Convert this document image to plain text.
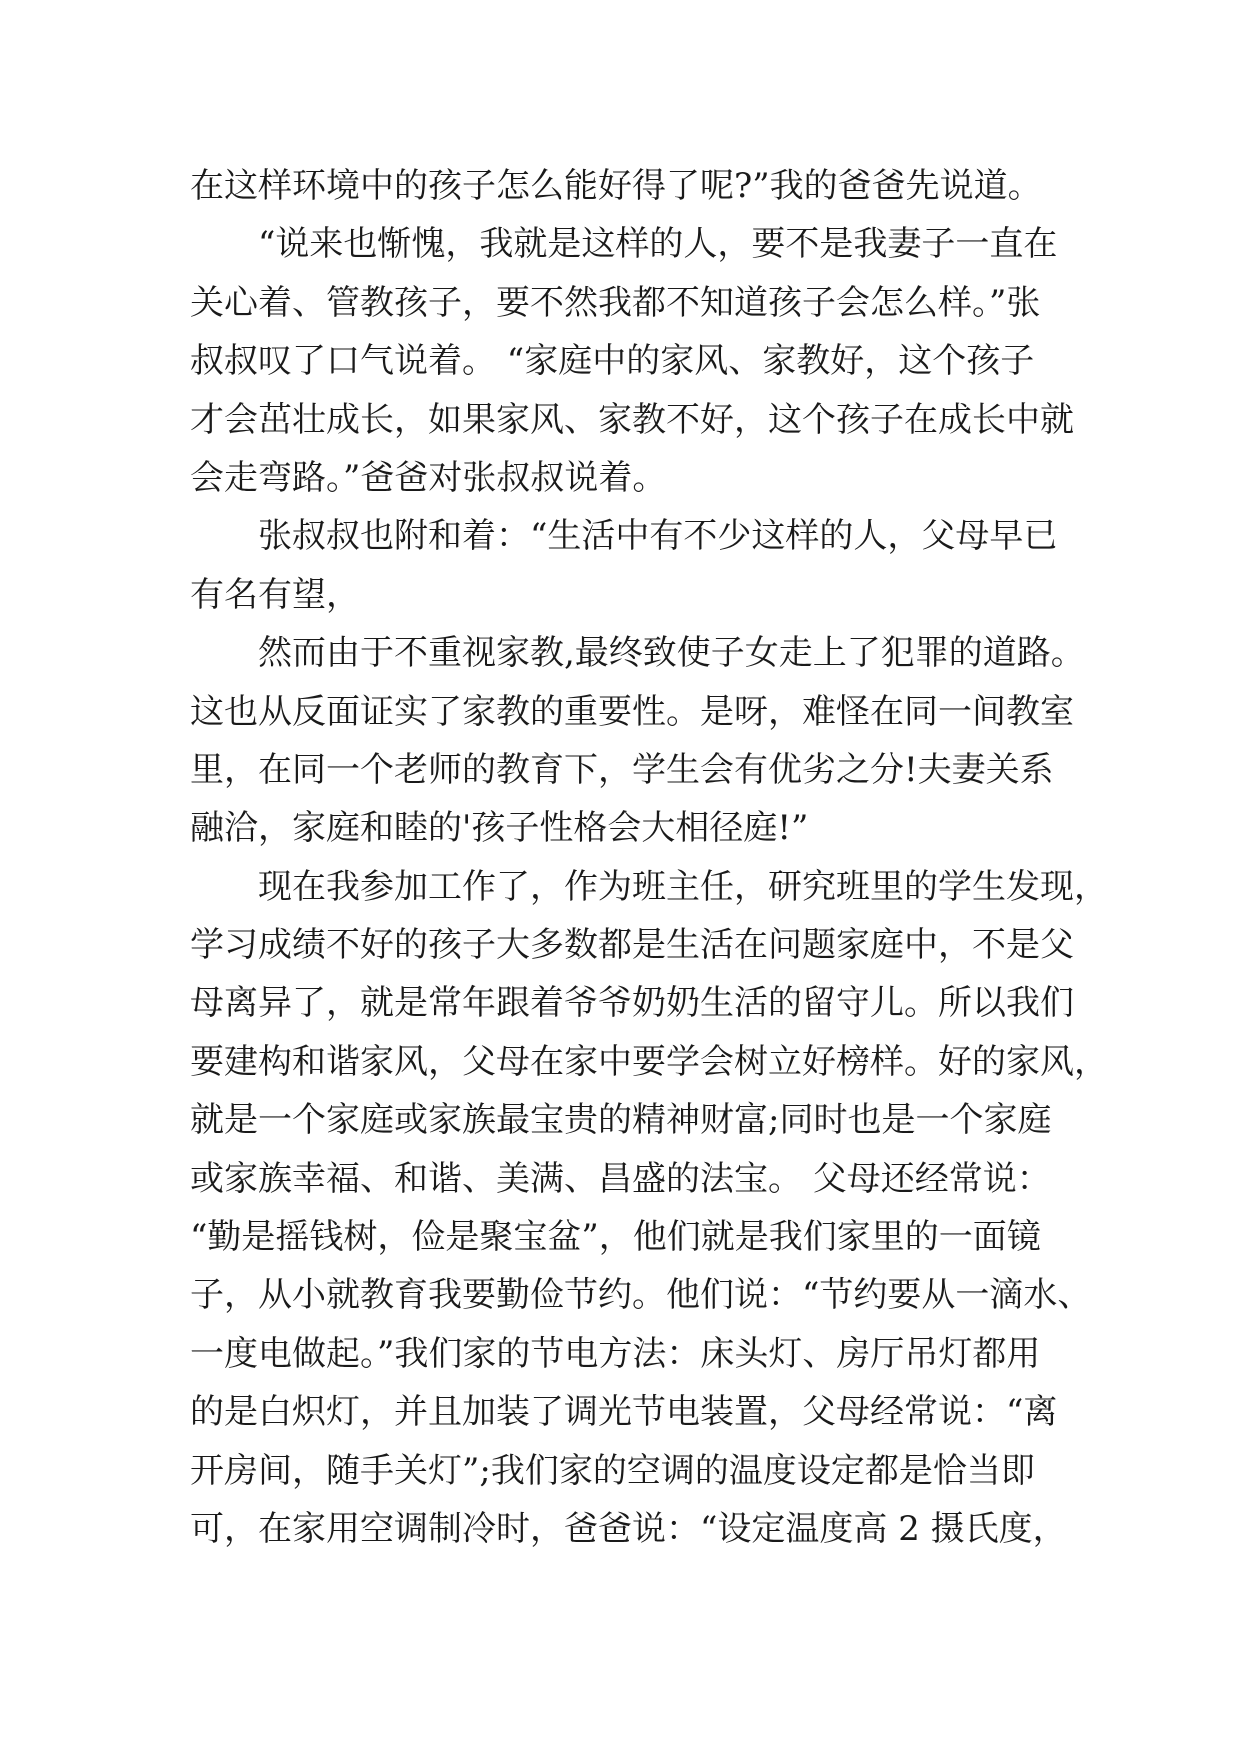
在这样环境中的孩子怎么能好得了呢?”我的爸爸先说道。
“说来也惭愧，我就是这样的人，要不是我妻子一直在
关心着、管教孩子，要不然我都不知道孩子会怎么样。”张
叔叔叹了口气说着。 “家庭中的家风、家教好，这个孩子
才会茁壮成长，如果家风、家教不好，这个孩子在成长中就
会走弯路。”爸爸对张叔叔说着。
张叔叔也附和着：“生活中有不少这样的人，父母早已
有名有望，
然而由于不重视家教,最终致使子女走上了犯罪的道路。
这也从反面证实了家教的重要性。是呀，难怪在同一间教室
里，在同一个老师的教育下，学生会有优劣之分!夫妻关系
融洽，家庭和睦的'孩子性格会大相径庭!”
现在我参加工作了，作为班主任，研究班里的学生发现，
学习成绩不好的孩子大多数都是生活在问题家庭中，不是父
母离异了，就是常年跟着爷爷奶奶生活的留守儿。所以我们
要建构和谐家风，父母在家中要学会树立好榜样。好的家风，
就是一个家庭或家族最宝贵的精神财富;同时也是一个家庭
或家族幸福、和谐、美满、昌盛的法宝。 父母还经常说：
“勤是摇钱树，俭是聚宝盆”，他们就是我们家里的一面镜
子，从小就教育我要勤俭节约。他们说：“节约要从一滴水、
一度电做起。”我们家的节电方法：床头灯、房厅吊灯都用
的是白炽灯，并且加装了调光节电装置，父母经常说：“离
开房间，随手关灯”;我们家的空调的温度设定都是恰当即
可，在家用空调制冷时，爸爸说：“设定温度高 2 摄氏度，
